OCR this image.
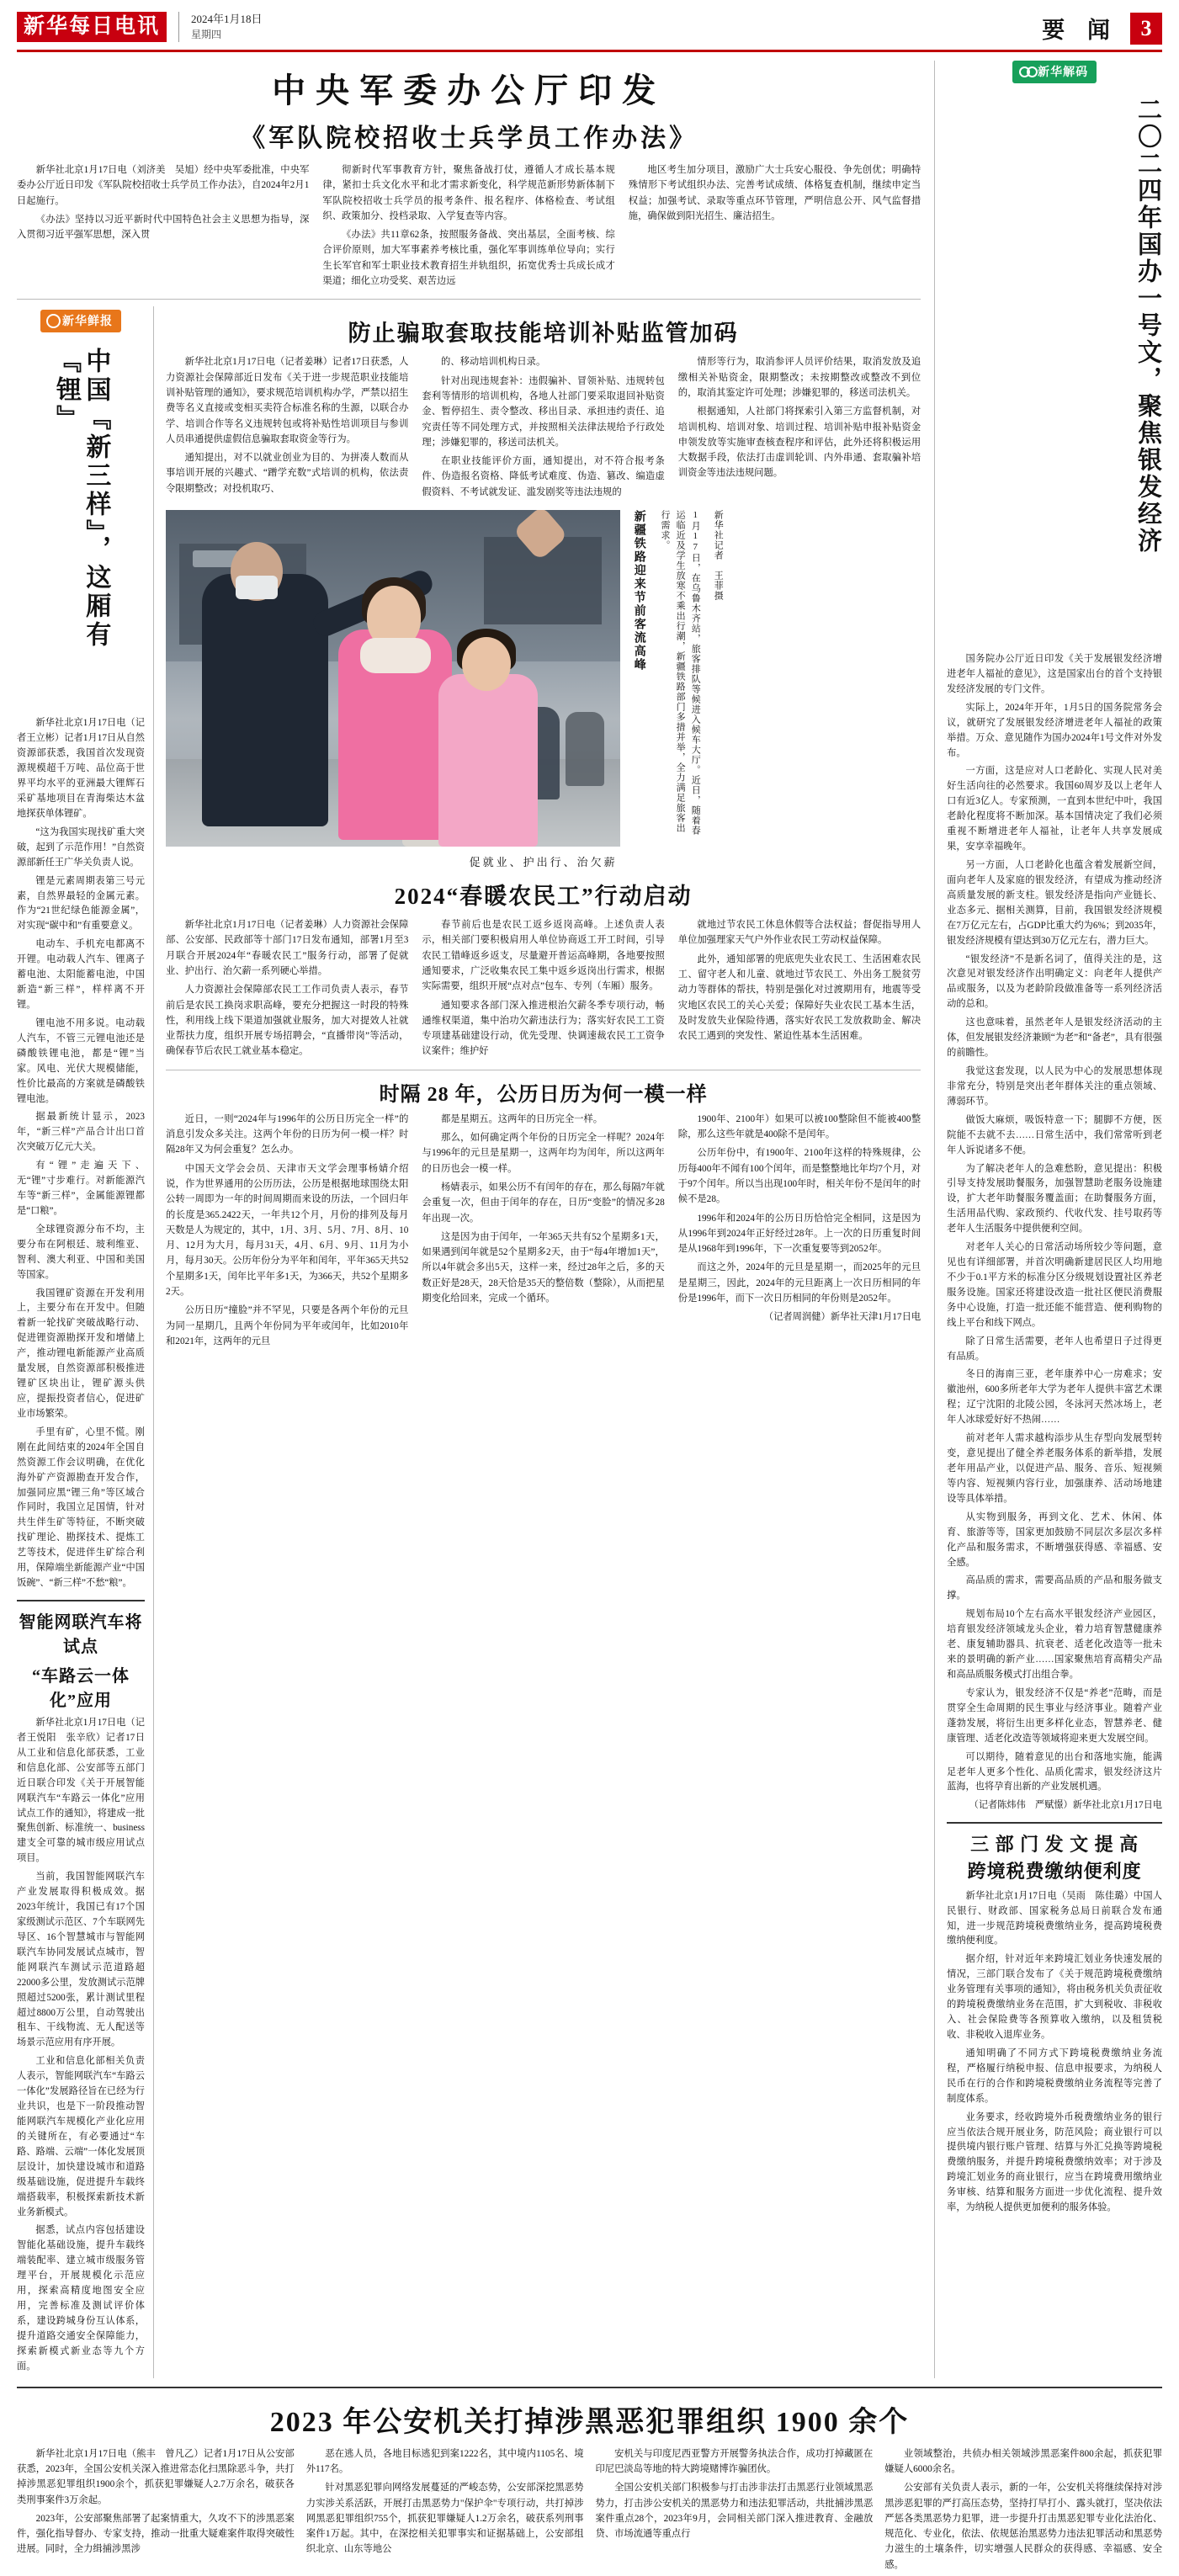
新华每日电讯	2024年1月18日
星期四	要 闻	3
中央军委办公厅印发
《军队院校招收士兵学员工作办法》

新华社北京1月17日电（刘济美　吴旭）经中央军委批准，中央军委办公厅近日印发《军队院校招收士兵学员工作办法》，自2024年2月1日起施行。

《办法》坚持以习近平新时代中国特色社会主义思想为指导，深入贯彻习近平强军思想，深入贯

彻新时代军事教育方针，聚焦备战打仗，遵循人才成长基本规律，紧扣士兵文化水平和北才需求新变化，科学规范新形势新体制下军队院校招收士兵学员的报考条件、报名程序、体格检查、考试组织、政策加分、投档录取、入学复查等内容。

《办法》共11章62条，按照服务备战、突出基层，全面考核、综合评价原则，加大军事素养考核比重，强化军事训练单位导向；实行生长军官和军士职业技术教育招生并轨组织，拓宽优秀士兵成长成才渠道；细化立功受奖、艰苦边远

地区考生加分项目，激励广大士兵安心服役、争先创优；明确特殊情形下考试组织办法、完善考试成绩、体格复查机制，继续申定当权益；加强考试、录取等重点环节管理，严明信息公开、风气监督措施，确保做到阳光招生、廉洁招生。

新华鲜报
中国『新三样』，这厢有『锂』

新华社北京1月17日电（记者王立彬）记者1月17日从自然资源部获悉，我国首次发现资源规模超千万吨、品位高于世界平均水平的亚洲最大锂辉石采矿基地项目在青海柴达木盆地探获单体锂矿。

“这为我国实现找矿重大突破，起到了示范作用！”自然资源部新任王广华关负责人说。

锂是元素周期表第三号元素，自然界最轻的金属元素。作为“21世纪绿色能源金属”，对实现“碳中和”有重要意义。

电动车、手机充电都离不开锂。电动载人汽车、锂离子蓄电池、太阳能蓄电池，中国新造“新三样”，样样离不开锂。

锂电池不用多说。电动载人汽车，不管三元锂电池还是磷酸铁锂电池，都是“锂”当家。风电、光伏大规模储能，性价比最高的方案就是磷酸铁锂电池。

据最新统计显示，2023年，“新三样”产品合计出口首次突破万亿元大关。

有“锂”走遍天下、无“锂”寸步难行。对新能源汽车等“新三样”，金属能源锂都是“口粮”。

全球锂资源分布不均，主要分布在阿根廷、玻利维亚、智利、澳大利亚、中国和美国等国家。

我国锂矿资源在开发利用上，主要分布在开发中。但随着新一轮找矿突破战略行动、促进锂资源勘探开发和增储上产，推动锂电新能源产业高质量发展，自然资源部积极推进锂矿区块出让，锂矿源头供应，提振投资者信心，促进矿业市场繁荣。

手里有矿，心里不慌。刚刚在此间结束的2024年全国自然资源工作会议明确，在优化海外矿产资源勘查开发合作，加强同应黑“锂三角”等区域合作同时，我国立足国情，针对共生伴生矿等特征，不断突破找矿理论、勘探技术、提炼工艺等技术，促进伴生矿综合利用，保障端坐新能源产业“中国饭碗”、“新三样”不愁“粮”。

智能网联汽车将试点
“车路云一体化”应用

新华社北京1月17日电（记者王悦阳　张辛欣）记者17日从工业和信息化部获悉，工业和信息化部、公安部等五部门近日联合印发《关于开展智能网联汽车“车路云一体化”应用试点工作的通知》，将建成一批聚焦创新、标准统一、business 建支全可靠的城市级应用试点项目。

当前，我国智能网联汽车产业发展取得积极成效。据2023年统计，我国已有17个国家级测试示范区、7个车联网先导区、16个智慧城市与智能网联汽车协同发展试点城市，智能网联汽车测试示范道路超22000多公里，发放测试示范牌照超过5200张，累计测试里程超过8800万公里，自动驾驶出租车、干线物流、无人配送等场景示范应用有序开展。

工业和信息化部相关负责人表示，智能网联汽车“车路云一体化”发展路径旨在已经为行业共识，也是下一阶段推动智能网联汽车规模化产业化应用的关键所在，有必要通过“车路、路端、云端”一体化发展顶层设计，加快建设城市和道路级基础设施，促进提升车载终端搭载率，积极探索新技术新业务新模式。

据悉，试点内容包括建设智能化基础设施，提升车载终端装配率、建立城市级服务管理平台，开展规模化示范应用，探索高精度地图安全应用，完善标准及测试评价体系，建设跨城身份互认体系，提升道路交通安全保障能力，探索新模式新业态等九个方面。

防止骗取套取技能培训补贴监管加码

新华社北京1月17日电（记者姜琳）记者17日获悉，人力资源社会保障部近日发布《关于进一步规范职业技能培训补贴管理的通知》，要求规范培训机构办学，严禁以招生费等名义直接或变相买卖符合标准名称的生源，以联合办学、培训合作等名义违规转包或将补贴性培训项目与参训人员串通提供虚假信息骗取套取资金等行为。

通知提出，对不以就业创业为目的、为拼凑人数而从事培训开展的兴趣式、“蹭学充数”式培训的机构，依法责令限期整改；对投机取巧、

的、移动培训机构日录。

针对出现违规套补：违假骗补、冒领补贴、违规转包套利等情形的培训机构，各地人社部门要采取退回补贴资金、暂停招生、责令整改、移出目录、承担违约责任、追究责任等不同处理方式，并按照相关法律法规给予行政处理；涉嫌犯罪的，移送司法机关。

在职业技能评价方面，通知提出，对不符合报考条件、伪造报名资格、降低考试难度、伪造、篡改、编造虚假资料、不考试就发证、滥发剧奖等违法违规的

情形等行为，取消参评人员评价结果，取消发放及追缴相关补贴资金，限期整改；未按期整改或整改不到位的，取消其鉴定许可处理；涉嫌犯罪的，移送司法机关。

根据通知，人社部门将探索引入第三方监督机制，对培训机构、培训对象、培训过程、培训补贴申报补贴资金申领发放等实施审查核查程序和评估，此外还将积极运用大数据手段，依法打击虚训轮训、内外串通、套取骗补培训资金等违法违规问题。

新疆铁路迎来节前客流高峰	1月17日，在乌鲁木齐站，旅客排队等候进入候车大厅。近日，随着春运临近及学生放寒不乘出行潮，新疆铁路部门多措并举，全力满足旅客出行需求。	新华社记者　王菲摄
促就业、护出行、治欠薪
2024“春暖农民工”行动启动

新华社北京1月17日电（记者姜琳）人力资源社会保障部、公安部、民政部等十部门17日发布通知，部署1月至3月联合开展2024年“春暖农民工”服务行动，部署了促就业、护出行、治欠薪一系列硬心举措。

人力资源社会保障部农民工工作司负责人表示，春节前后是农民工换岗求职高峰，要充分把握这一时段的特殊性，利用线上线下渠道加强就业服务，加大对提效人社就业帮扶力度，组织开展专场招聘会，“直播带岗”等活动，确保春节后农民工就业基本稳定。

春节前后也是农民工返乡返岗高峰。上述负责人表示，相关部门要积极肩用人单位协商返工开工时间，引导农民工错峰返乡返支，尽量避开普运高峰期，各地要按照通知要求，广泛收集农民工集中返乡返岗出行需求，根据实际需要，组织开展“点对点”包车、专列（车厢）服务。

通知要求各部门深入推进根治欠薪冬季专项行动，畅通维权渠道，集中治功欠薪违法行为；落实好农民工工资专项建基础建设行动，优先受理、快调速裁农民工工资争议案件；维护好

就地过节农民工休息休假等合法权益；督促指导用人单位加强理家天气户外作业农民工劳动权益保障。

此外，通知部署的兜底兜失业农民工、生活困难农民工、留守老人和儿童、就地过节农民工、外出务工脱贫劳动力等群体的帮扶，特别是强化对过渡期用有，地震等受灾地区农民工的关心关爱；保障好失业农民工基本生活，及时发放失业保险待遇，落实好农民工发放救助金、解决农民工遇到的突发性、紧迫性基本生活困难。

时隔 28 年，公历日历为何一模一样

近日，一则“2024年与1996年的公历日历完全一样”的消息引发众多关注。这两个年份的日历为何一模一样？时隔28年又为何会重复？怎么办。

中国天文学会会员、天津市天文学会理事杨婧介绍说，作为世界通用的公历历法，公历是根据地球围绕太阳公转一周即为一年的时间周期而来设的历法，一个回归年的长度是365.2422天，一年共12个月，月份的排列及每月天数是人为规定的，其中，1月、3月、5月、7月、8月、10月、12月为大月，每月31天，4月、6月、9月、11月为小月，每月30天。公历年份分为平年和闰年，平年365天共52个星期多1天，闰年比平年多1天，为366天，共52个星期多2天。

公历日历“撞脸”并不罕见，只要是各两个年份的元旦为同一星期几，且两个年份同为平年或闰年，比如2010年和2021年，这两年的元旦

都是星期五。这两年的日历完全一样。

那么，如何确定两个年份的日历完全一样呢？2024年与1996年的元旦是星期一，这两年均为闰年，所以这两年的日历也会一模一样。

杨婧表示，如果公历不有闰年的存在，那么每隔7年就会重复一次，但由于闰年的存在，日历“变脸”的情况多28年出现一次。

这是因为由于闰年，一年365天共有52个星期多1天，如果遇到闰年就是52个星期多2天，由于“每4年增加1天”，所以4年就会多出5天，这样一来，经过28年之后，多的天数正好是28天，28天恰是35天的整倍数（整除），从而把星期变化给回来，完成一个循环。

1900年、2100年）如果可以被100整除但不能被400整除，那么这些年就是400除不是闰年。

公历年份中，有1900年、2100年这样的特殊规律，公历每400年不闻有100个闰年，而是整整地比年均7个月，对于97个闰年。所以当出现100年时，相关年份不是闰年的时候不是28。

1996年和2024年的公历日历恰恰完全相同，这是因为从1996年到2024年正好经过28年。上一次的日历重复时间是从1968年到1996年，下一次重复要等到2052年。

而这之外，2024年的元旦是星期一，而2025年的元旦是星期三，因此，2024年的元旦距离上一次日历相同的年份是1996年，而下一次日历相同的年份则是2052年。

（记者周润健）新华社天津1月17日电

新华解码
二〇二四年国办一号文，聚焦银发经济

国务院办公厅近日印发《关于发展银发经济增进老年人福祉的意见》，这是国家出台的首个支持银发经济发展的专门文件。

实际上，2024年开年，1月5日的国务院常务会议，就研究了发展银发经济增进老年人福祉的政策举措。万众、意见随作为国办2024年1号文件对外发布。

一方面，这是应对人口老龄化、实现人民对美好生活向往的必然要求。我国60周岁及以上老年人口有近3亿人。专家预测，一直到本世纪中叶，我国老龄化程度将不断加深。基本国情决定了我们必须重视不断增进老年人福祉，让老年人共享发展成果，安享幸福晚年。

另一方面，人口老龄化也蕴含着发展新空间，面向老年人及家庭的银发经济，有望成为推动经济高质量发展的新支柱。银发经济是指向产业链长、业态多元、据相关测算，目前，我国银发经济规模在7万亿元左右，占GDP比重大约为6%；到2035年，银发经济规模有望达到30万亿元左右，潜力巨大。

“银发经济”不是新名词了，值得关注的是，这次意见对银发经济作出明确定义：向老年人提供产品或服务，以及为老龄阶段做准备等一系列经济活动的总和。

这也意味着，虽然老年人是银发经济活动的主体，但发展银发经济兼顾“为老”和“备老”，具有很强的前瞻性。

我觉这套发现，以人民为中心的发展思想体现非常充分，特别是突出老年群体关注的重点领域、薄弱环节。

做饭大麻烦，吸饭特意一下；腿脚不方便，医院能不去就不去……日常生活中，我们常常听到老年人诉说诸多不便。

为了解决老年人的急难愁盼，意见提出：积极引导支持发展助餐服务，加强智慧助老服务设施建设，扩大老年助餐服务覆盖面；在助餐服务方面，生活用品代购、家政预约、代收代发、挂号取药等老年人生活服务中提供便利空间。

对老年人关心的日常活动场所较少等问题，意见也有详细部署，并首次明确新建居民区人均用地不少于0.1平方米的标准分区分级规划设置社区养老服务设施。国家还将建设改造一批社区便民消费服务中心设施，打造一批还能不能营造、便利购物的线上平台和线下网点。

除了日常生活需要，老年人也希望日子过得更有品质。

冬日的海南三亚，老年康养中心一房难求；安徽池州，600多所老年大学为老年人提供丰富艺术课程；辽宁沈阳的北陵公园，冬泳河天然冰场上，老年人冰球爱好好不热闹……

前对老年人需求越构添步从生存型向发展型转变，意见提出了健全养老服务体系的新举措，发展老年用品产业，以促进产品、服务、音乐、短视频等内容、短视频内容行业，加强康养、活动场地建设等具体举措。

从实物到服务，再到文化、艺术、休闲、体育、旅游等等，国家更加鼓励不同层次多层次多样化产品和服务需求，不断增强获得感、幸福感、安全感。

高品质的需求，需要高品质的产品和服务做支撑。

规划布局10个左右高水平银发经济产业园区，培育银发经济领域龙头企业，着力培育智慧健康养老、康复辅助器具、抗衰老、适老化改造等一批未来的景明确的新产业……国家聚焦培育高精尖产品和高品质服务模式打出组合拳。

专家认为，银发经济不仅是“养老”范畴，而是贯穿全生命周期的民生事业与经济事业。随着产业蓬勃发展，将衍生出更多样化业态，智慧养老、健康管理、适老化改造等领域将迎来更大发展空间。

可以期待，随着意见的出台和落地实施，能满足老年人更多个性化、品质化需求，银发经济这片蓝海，也将孕育出新的产业发展机遇。

（记者陈炜伟　严赋憬）新华社北京1月17日电

三 部 门 发 文 提 高
跨境税费缴纳便利度

新华社北京1月17日电（吴雨　陈佳璐）中国人民银行、财政部、国家税务总局日前联合发布通知，进一步规范跨境税费缴纳业务，提高跨境税费缴纳便利度。

据介绍，针对近年来跨境汇划业务快速发展的情况，三部门联合发布了《关于规范跨境税费缴纳业务管理有关事项的通知》，将由税务机关负责征收的跨境税费缴纳业务在范围，扩大到税收、非税收入、社会保险费等各预算收入缴纳，以及租赁税收、非税收入退库业务。

通知明确了不同方式下跨境税费缴纳业务流程，严格履行纳税申报、信息申报要求，为纳税人民币在行的合作和跨境税费缴纳业务流程等完善了制度体系。

业务要求，经收跨境外币税费缴纳业务的银行应当依法合规开展业务，防范风险；商业银行可以提供境内银行账户管理、结算与外汇兑换等跨境税费缴纳服务，并提升跨境税费缴纳效率；对于涉及跨境汇划业务的商业银行，应当在跨境费用缴纳业务审核、结算和服务方面进一步优化流程、提升效率，为纳税人提供更加便利的服务体验。

2023 年公安机关打掉涉黑恶犯罪组织 1900 余个

新华社北京1月17日电（熊丰　曾凡乙）记者1月17日从公安部获悉，2023年，全国公安机关深入推进常态化扫黑除恶斗争，共打掉涉黑恶犯罪组织1900余个，抓获犯罪嫌疑人2.7万余名，破获各类刑事案件3万余起。

2023年，公安部聚焦部署了起案情重大，久攻不下的涉黑恶案件，强化指导督办、专家支持，推动一批重大疑难案件取得突破性进展。同时，全力缉捕涉黑涉

恶在逃人员，各地目标逃犯到案1222名，其中境内1105名、境外117名。

针对黑恶犯罪向网络发展蔓延的严峻态势，公安部深挖黑恶势力实涉关系活跃，开展打击黑恶势力"保护伞"专项行动，共打掉涉网黑恶犯罪组织755个，抓获犯罪嫌疑人1.2万余名，破获系列刑事案件1万起。其中，在深挖相关犯罪事实和证据基础上，公安部组织北京、山东等地公

安机关与印度尼西亚警方开展警务执法合作，成功打掉藏匿在印尼巴淡岛等地的特大跨境赌博诈骗团伙。

全国公安机关部门积极参与打击涉非法打击黑恶行业领域黑恶势力，打击涉公安机关的黑恶势力和违法犯罪活动，共批捕涉黑恶案件重点28个，2023年9月，会同相关部门深入推进教育、金融放贷、市场流通等重点行

业领域整治，共侦办相关领域涉黑恶案件800余起，抓获犯罪嫌疑人6000余名。

公安部有关负责人表示，新的一年，公安机关将继续保持对涉黑涉恶犯罪的严打高压态势，坚持打早打小、露头就打，坚决依法严惩各类黑恶势力犯罪，进一步提升打击黑恶犯罪专业化法治化、规范化、专业化，依法、依规惩治黑恶势力违法犯罪活动和黑恶势力滋生的土壤条件，切实增强人民群众的获得感、幸福感、安全感。
